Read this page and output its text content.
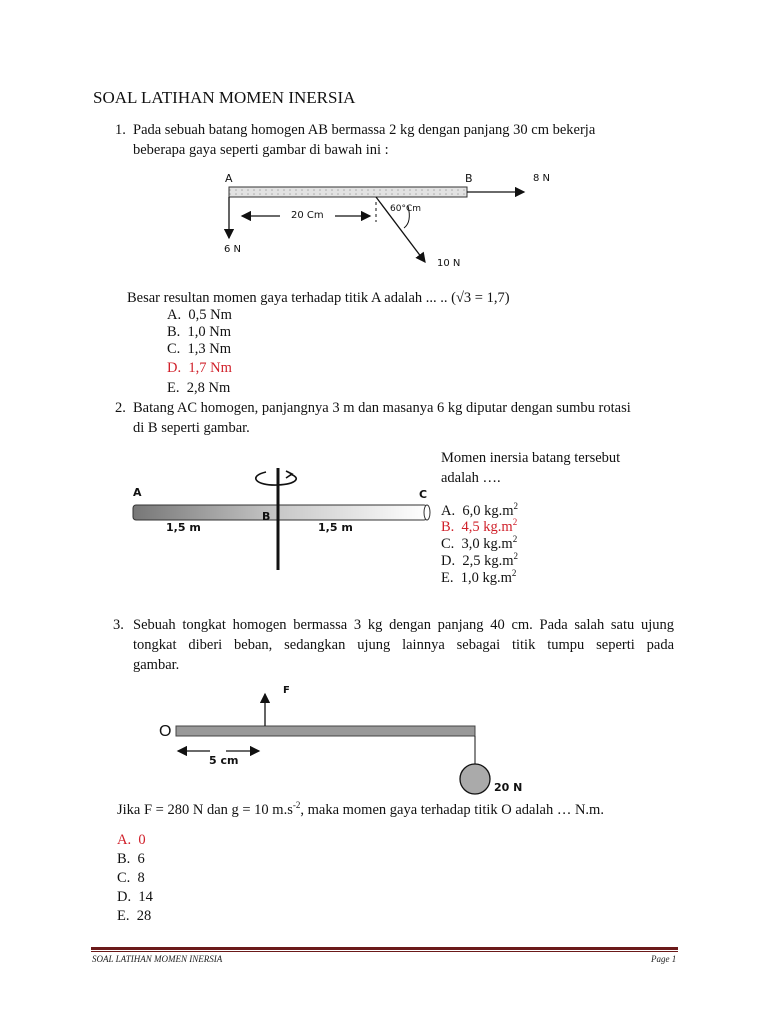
SOAL LATIHAN MOMEN INERSIA
1. Pada sebuah batang homogen AB bermassa 2 kg dengan panjang 30 cm bekerja
beberapa gaya seperti gambar di bawah ini :
A	B	8 N
6 N
10 N
20 Cm
60°Cm
Besar resultan momen gaya terhadap titik A adalah ... .. (√3 = 1,7)
A. 0,5 Nm
B. 1,0 Nm
C. 1,3 Nm
D. 1,7 Nm
E. 2,8 Nm
2. Batang AC homogen, panjangnya 3 m dan masanya 6 kg diputar dengan sumbu rotasi
di B seperti gambar.
A	C
B
1,5 m	1,5 m
Momen inersia batang tersebut
adalah ….
A. 6,0 $kg.m^2$
B. 4,5 $kg.m^2$
C. 3,0 $kg.m^2$
D. 2,5 $kg.m^2$
E. 1,0 $kg.m^2$
3. Sebuah tongkat homogen bermassa 3 kg dengan panjang 40 cm. Pada salah satu ujung
tongkat diberi beban, sedangkan ujung lainnya sebagai titik tumpu seperti pada
gambar.
O
F
5 cm
20 N
Jika F = 280 N dan g = 10 $m.s^{-2}$, maka momen gaya terhadap titik O adalah … N.m.
A. 0
B. 6
C. 8
D. 14
E. 28
SOAL LATIHAN MOMEN INERSIA	Page 1
